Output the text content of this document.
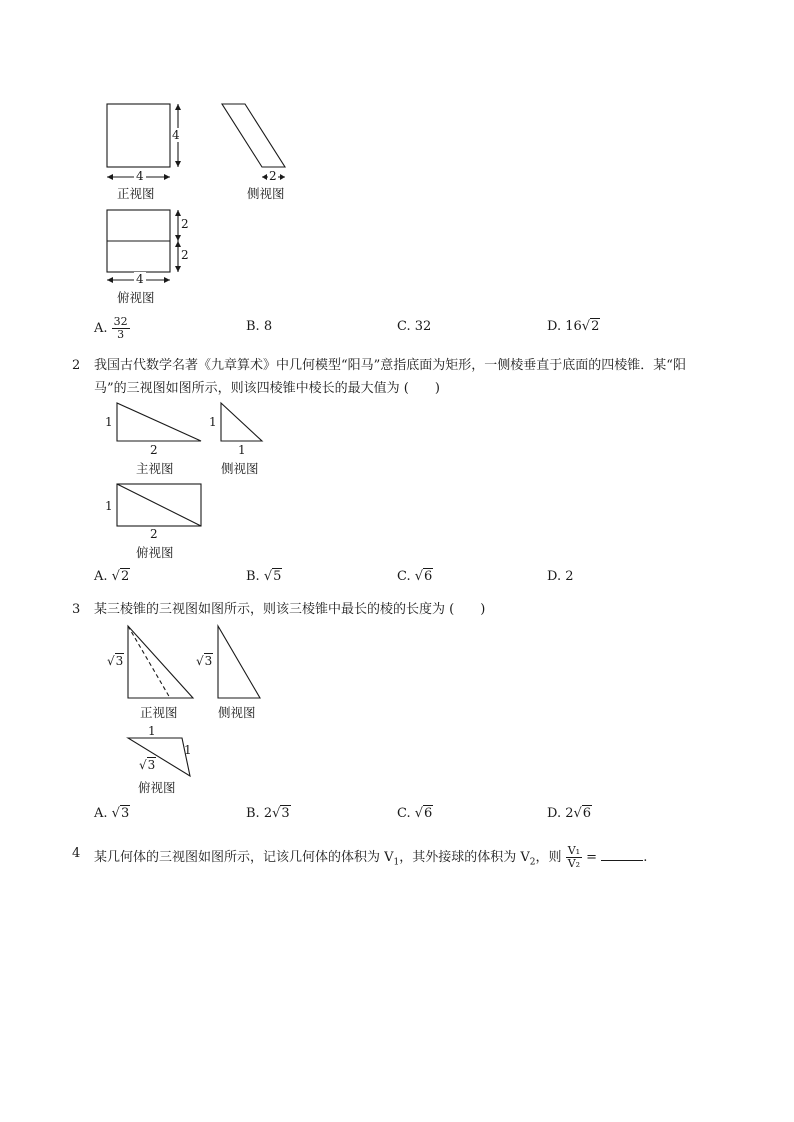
4
4
正视图
2
侧视图
2
2
4
俯视图
A. $\frac{32}{3}$	B. 8	C. 32	D. 16√2
2 我国古代数学名著《九章算术》中几何模型“阳马”意指底面为矩形，一侧棱垂直于底面的四棱锥．某“阳
马”的三视图如图所示，则该四棱锥中棱长的最大值为 (　　)
1
2
主视图
1
1
侧视图
1
2
俯视图
A. √2	B. √5	C. √6	D. 2
3 某三棱锥的三视图如图所示，则该三棱锥中最长的棱的长度为 (　　)
√3
正视图
√3
侧视图
1
1
√3
俯视图
A. √3	B. 2√3	C. √6	D. 2√6
4 某几何体的三视图如图所示，记该几何体的体积为 $V_1$，其外接球的体积为 $V_2$，则 $\frac{\text{V₁}}{\text{V₂}}$ =	.
